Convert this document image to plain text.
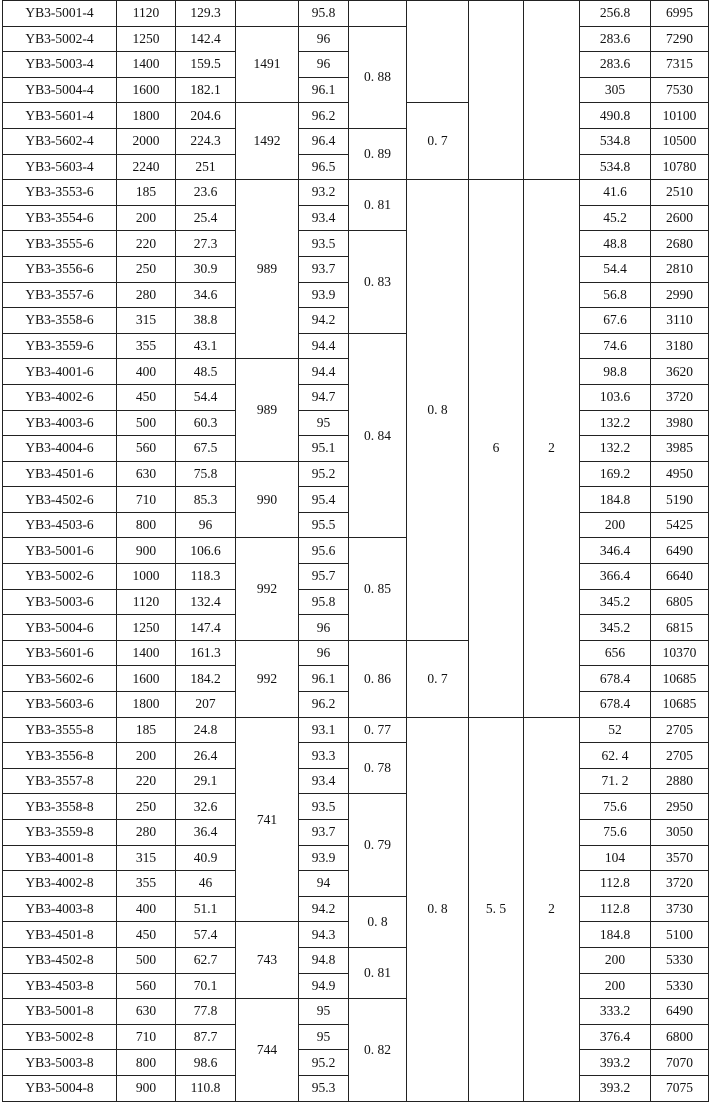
YB3-5001-4	1120	129.3		95.8					256.8	6995
YB3-5002-4	1250	142.4	1491	96	0. 88				283.6	7290
YB3-5003-4	1400	159.5		96					283.6	7315
YB3-5004-4	1600	182.1		96.1					305	7530
YB3-5601-4	1800	204.6	1492	96.2		0. 7			490.8	10100
YB3-5602-4	2000	224.3		96.4	0. 89				534.8	10500
YB3-5603-4	2240	251		96.5					534.8	10780
YB3-3553-6	185	23.6	989	93.2	0. 81	0. 8	6	2	41.6	2510
YB3-3554-6	200	25.4		93.4					45.2	2600
YB3-3555-6	220	27.3		93.5	0. 83				48.8	2680
YB3-3556-6	250	30.9		93.7					54.4	2810
YB3-3557-6	280	34.6		93.9					56.8	2990
YB3-3558-6	315	38.8		94.2					67.6	3110
YB3-3559-6	355	43.1		94.4	0. 84				74.6	3180
YB3-4001-6	400	48.5	989	94.4					98.8	3620
YB3-4002-6	450	54.4		94.7					103.6	3720
YB3-4003-6	500	60.3		95					132.2	3980
YB3-4004-6	560	67.5		95.1					132.2	3985
YB3-4501-6	630	75.8	990	95.2					169.2	4950
YB3-4502-6	710	85.3		95.4					184.8	5190
YB3-4503-6	800	96		95.5					200	5425
YB3-5001-6	900	106.6	992	95.6	0. 85				346.4	6490
YB3-5002-6	1000	118.3		95.7					366.4	6640
YB3-5003-6	1120	132.4		95.8					345.2	6805
YB3-5004-6	1250	147.4		96					345.2	6815
YB3-5601-6	1400	161.3	992	96	0. 86	0. 7			656	10370
YB3-5602-6	1600	184.2		96.1					678.4	10685
YB3-5603-6	1800	207		96.2					678.4	10685
YB3-3555-8	185	24.8	741	93.1	0. 77	0. 8	5. 5	2	52	2705
YB3-3556-8	200	26.4		93.3	0. 78				62. 4	2705
YB3-3557-8	220	29.1		93.4					71. 2	2880
YB3-3558-8	250	32.6		93.5	0. 79				75.6	2950
YB3-3559-8	280	36.4		93.7					75.6	3050
YB3-4001-8	315	40.9		93.9					104	3570
YB3-4002-8	355	46		94					112.8	3720
YB3-4003-8	400	51.1		94.2	0. 8				112.8	3730
YB3-4501-8	450	57.4	743	94.3					184.8	5100
YB3-4502-8	500	62.7		94.8	0. 81				200	5330
YB3-4503-8	560	70.1		94.9					200	5330
YB3-5001-8	630	77.8	744	95	0. 82				333.2	6490
YB3-5002-8	710	87.7		95					376.4	6800
YB3-5003-8	800	98.6		95.2					393.2	7070
YB3-5004-8	900	110.8		95.3					393.2	7075
